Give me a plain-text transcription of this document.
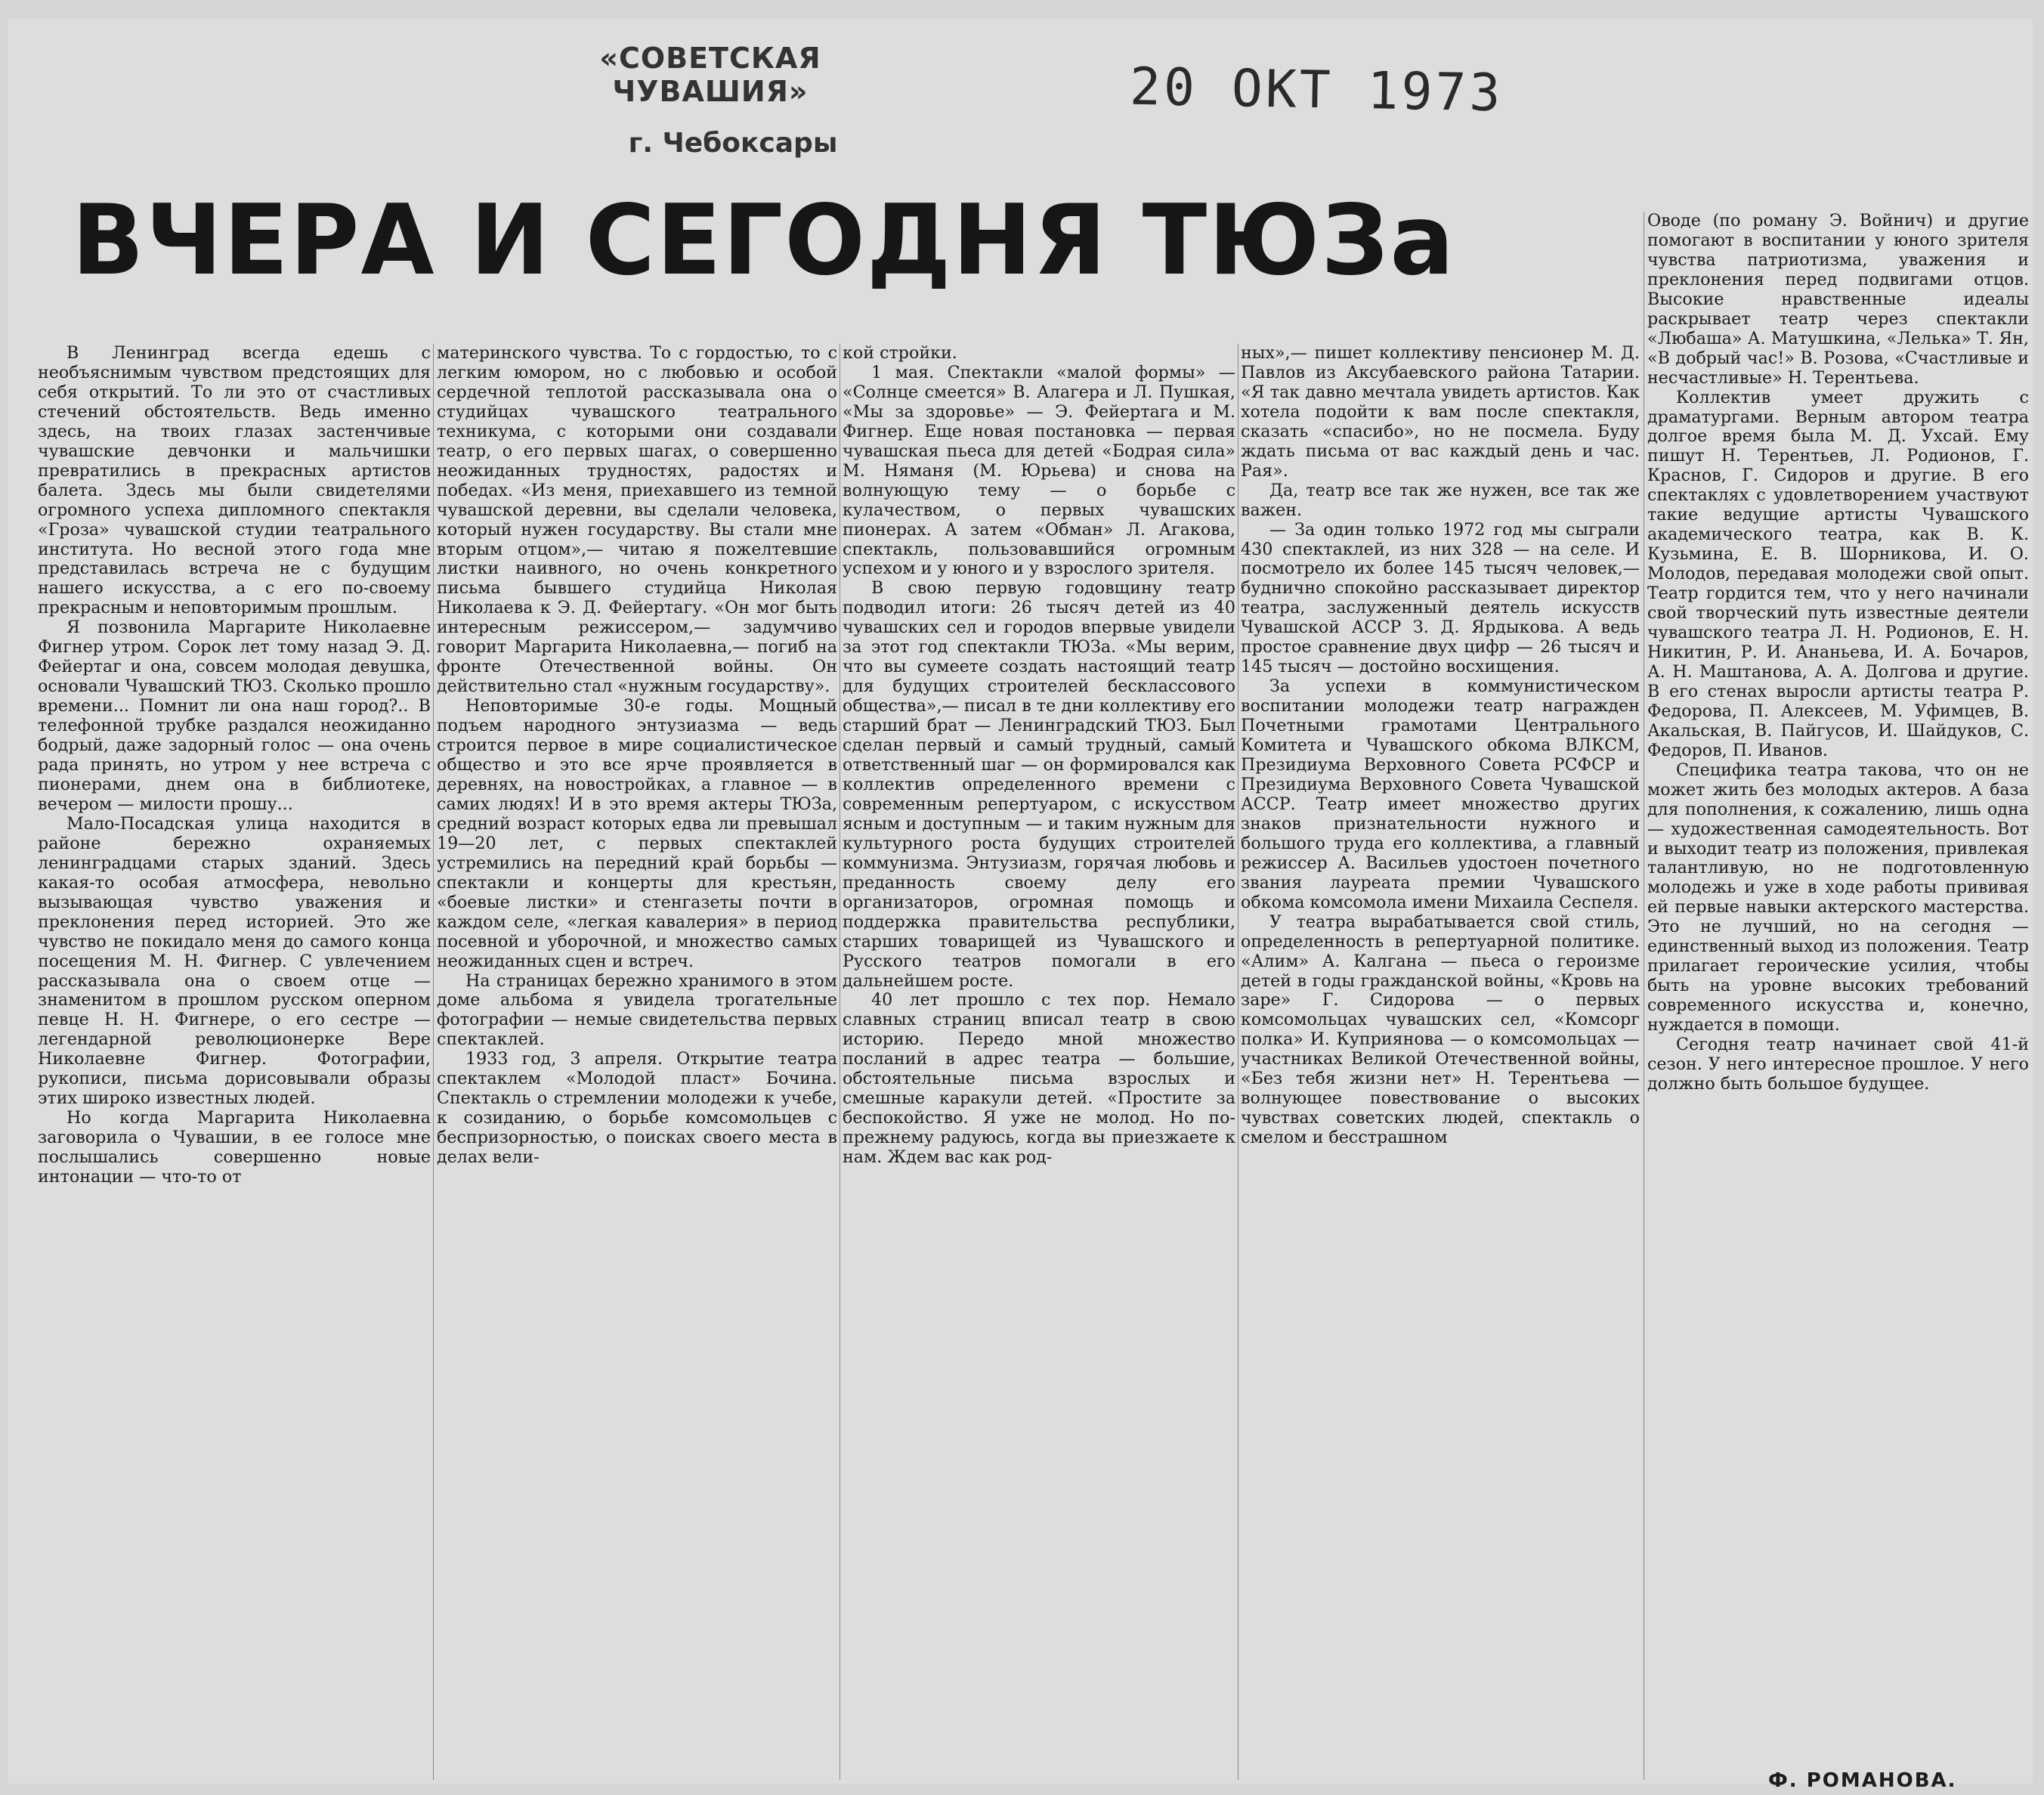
«СОВЕТСКАЯ ЧУВАШИЯ»
г. Чебоксары
20 ОКТ 1973
ВЧЕРА И СЕГОДНЯ ТЮЗа

В Ленинград всегда едешь с необъяснимым чувством предстоящих для себя открытий. То ли это от счастливых стечений обстоятельств. Ведь именно здесь, на твоих глазах застенчивые чувашские девчонки и мальчишки превратились в прекрасных артистов балета. Здесь мы были свидетелями огромного успеха дипломного спектакля «Гроза» чувашской студии театрального института. Но весной этого года мне представилась встреча не с будущим нашего искусства, а с его по-своему прекрасным и неповторимым прошлым.

Я позвонила Маргарите Николаевне Фигнер утром. Сорок лет тому назад Э. Д. Фейертаг и она, совсем молодая девушка, основали Чувашский ТЮЗ. Сколько прошло времени... Помнит ли она наш город?.. В телефонной трубке раздался неожиданно бодрый, даже задорный голос — она очень рада принять, но утром у нее встреча с пионерами, днем она в библиотеке, вечером — милости прошу...

Мало-Посадская улица находится в районе бережно охраняемых ленинградцами старых зданий. Здесь какая-то особая атмосфера, невольно вызывающая чувство уважения и преклонения перед историей. Это же чувство не покидало меня до самого конца посещения М. Н. Фигнер. С увлечением рассказывала она о своем отце — знаменитом в прошлом русском оперном певце Н. Н. Фигнере, о его сестре — легендарной революционерке Вере Николаевне Фигнер. Фотографии, рукописи, письма дорисовывали образы этих широко известных людей.

Но когда Маргарита Николаевна заговорила о Чувашии, в ее голосе мне послышались совершенно новые интонации — что-то от

материнского чувства. То с гордостью, то с легким юмором, но с любовью и особой сердечной теплотой рассказывала она о студийцах чувашского театрального техникума, с которыми они создавали театр, о его первых шагах, о совершенно неожиданных трудностях, радостях и победах. «Из меня, приехавшего из темной чувашской деревни, вы сделали человека, который нужен государству. Вы стали мне вторым отцом»,— читаю я пожелтевшие листки наивного, но очень конкретного письма бывшего студийца Николая Николаева к Э. Д. Фейертагу. «Он мог быть интересным режиссером,— задумчиво говорит Маргарита Николаевна,— погиб на фронте Отечественной войны. Он действительно стал «нужным государству».

Неповторимые 30-е годы. Мощный подъем народного энтузиазма — ведь строится первое в мире социалистическое общество и это все ярче проявляется в деревнях, на новостройках, а главное — в самих людях! И в это время актеры ТЮЗа, средний возраст которых едва ли превышал 19—20 лет, с первых спектаклей устремились на передний край борьбы — спектакли и концерты для крестьян, «боевые листки» и стенгазеты почти в каждом селе, «легкая кавалерия» в период посевной и уборочной, и множество самых неожиданных сцен и встреч.

На страницах бережно хранимого в этом доме альбома я увидела трогательные фотографии — немые свидетельства первых спектаклей.

1933 год, 3 апреля. Открытие театра спектаклем «Молодой пласт» Бочина. Спектакль о стремлении молодежи к учебе, к созиданию, о борьбе комсомольцев с беспризорностью, о поисках своего места в делах вели-

кой стройки.

1 мая. Спектакли «малой формы» — «Солнце смеется» В. Алагера и Л. Пушкая, «Мы за здоровье» — Э. Фейертага и М. Фигнер. Еще новая постановка — первая чувашская пьеса для детей «Бодрая сила» М. Няманя (М. Юрьева) и снова на волнующую тему — о борьбе с кулачеством, о первых чувашских пионерах. А затем «Обман» Л. Агакова, спектакль, пользовавшийся огромным успехом и у юного и у взрослого зрителя.

В свою первую годовщину театр подводил итоги: 26 тысяч детей из 40 чувашских сел и городов впервые увидели за этот год спектакли ТЮЗа. «Мы верим, что вы сумеете создать настоящий театр для будущих строителей бесклассового общества»,— писал в те дни коллективу его старший брат — Ленинградский ТЮЗ. Был сделан первый и самый трудный, самый ответственный шаг — он формировался как коллектив определенного времени с современным репертуаром, с искусством ясным и доступным — и таким нужным для культурного роста будущих строителей коммунизма. Энтузиазм, горячая любовь и преданность своему делу его организаторов, огромная помощь и поддержка правительства республики, старших товарищей из Чувашского и Русского театров помогали в его дальнейшем росте.

40 лет прошло с тех пор. Немало славных страниц вписал театр в свою историю. Передо мной множество посланий в адрес театра — большие, обстоятельные письма взрослых и смешные каракули детей. «Простите за беспокойство. Я уже не молод. Но по-прежнему радуюсь, когда вы приезжаете к нам. Ждем вас как род-

ных»,— пишет коллективу пенсионер М. Д. Павлов из Аксубаевского района Татарии. «Я так давно мечтала увидеть артистов. Как хотела подойти к вам после спектакля, сказать «спасибо», но не посмела. Буду ждать письма от вас каждый день и час. Рая».

Да, театр все так же нужен, все так же важен.

— За один только 1972 год мы сыграли 430 спектаклей, из них 328 — на селе. И посмотрело их более 145 тысяч человек,— буднично спокойно рассказывает директор театра, заслуженный деятель искусств Чувашской АССР З. Д. Ярдыкова. А ведь простое сравнение двух цифр — 26 тысяч и 145 тысяч — достойно восхищения.

За успехи в коммунистическом воспитании молодежи театр награжден Почетными грамотами Центрального Комитета и Чувашского обкома ВЛКСМ, Президиума Верховного Совета РСФСР и Президиума Верховного Совета Чувашской АССР. Театр имеет множество других знаков признательности нужного и большого труда его коллектива, а главный режиссер А. Васильев удостоен почетного звания лауреата премии Чувашского обкома комсомола имени Михаила Сеспеля.

У театра вырабатывается свой стиль, определенность в репертуарной политике. «Алим» А. Калгана — пьеса о героизме детей в годы гражданской войны, «Кровь на заре» Г. Сидорова — о первых комсомольцах чувашских сел, «Комсорг полка» И. Куприянова — о комсомольцах — участниках Великой Отечественной войны, «Без тебя жизни нет» Н. Терентьева — волнующее повествование о высоких чувствах советских людей, спектакль о смелом и бесстрашном

Оводе (по роману Э. Войнич) и другие помогают в воспитании у юного зрителя чувства патриотизма, уважения и преклонения перед подвигами отцов. Высокие нравственные идеалы раскрывает театр через спектакли «Любаша» А. Матушкина, «Лелька» Т. Ян, «В добрый час!» В. Розова, «Счастливые и несчастливые» Н. Терентьева.

Коллектив умеет дружить с драматургами. Верным автором театра долгое время была М. Д. Ухсай. Ему пишут Н. Терентьев, Л. Родионов, Г. Краснов, Г. Сидоров и другие. В его спектаклях с удовлетворением участвуют такие ведущие артисты Чувашского академического театра, как В. К. Кузьмина, Е. В. Шорникова, И. О. Молодов, передавая молодежи свой опыт. Театр гордится тем, что у него начинали свой творческий путь известные деятели чувашского театра Л. Н. Родионов, Е. Н. Никитин, Р. И. Ананьева, И. А. Бочаров, А. Н. Маштанова, А. А. Долгова и другие. В его стенах выросли артисты театра Р. Федорова, П. Алексеев, М. Уфимцев, В. Акальская, В. Пайгусов, И. Шайдуков, С. Федоров, П. Иванов.

Специфика театра такова, что он не может жить без молодых актеров. А база для пополнения, к сожалению, лишь одна — художественная самодеятельность. Вот и выходит театр из положения, привлекая талантливую, но не подготовленную молодежь и уже в ходе работы прививая ей первые навыки актерского мастерства. Это не лучший, но на сегодня — единственный выход из положения. Театр прилагает героические усилия, чтобы быть на уровне высоких требований современного искусства и, конечно, нуждается в помощи.

Сегодня театр начинает свой 41-й сезон. У него интересное прошлое. У него должно быть большое будущее.

Ф. РОМАНОВА.
